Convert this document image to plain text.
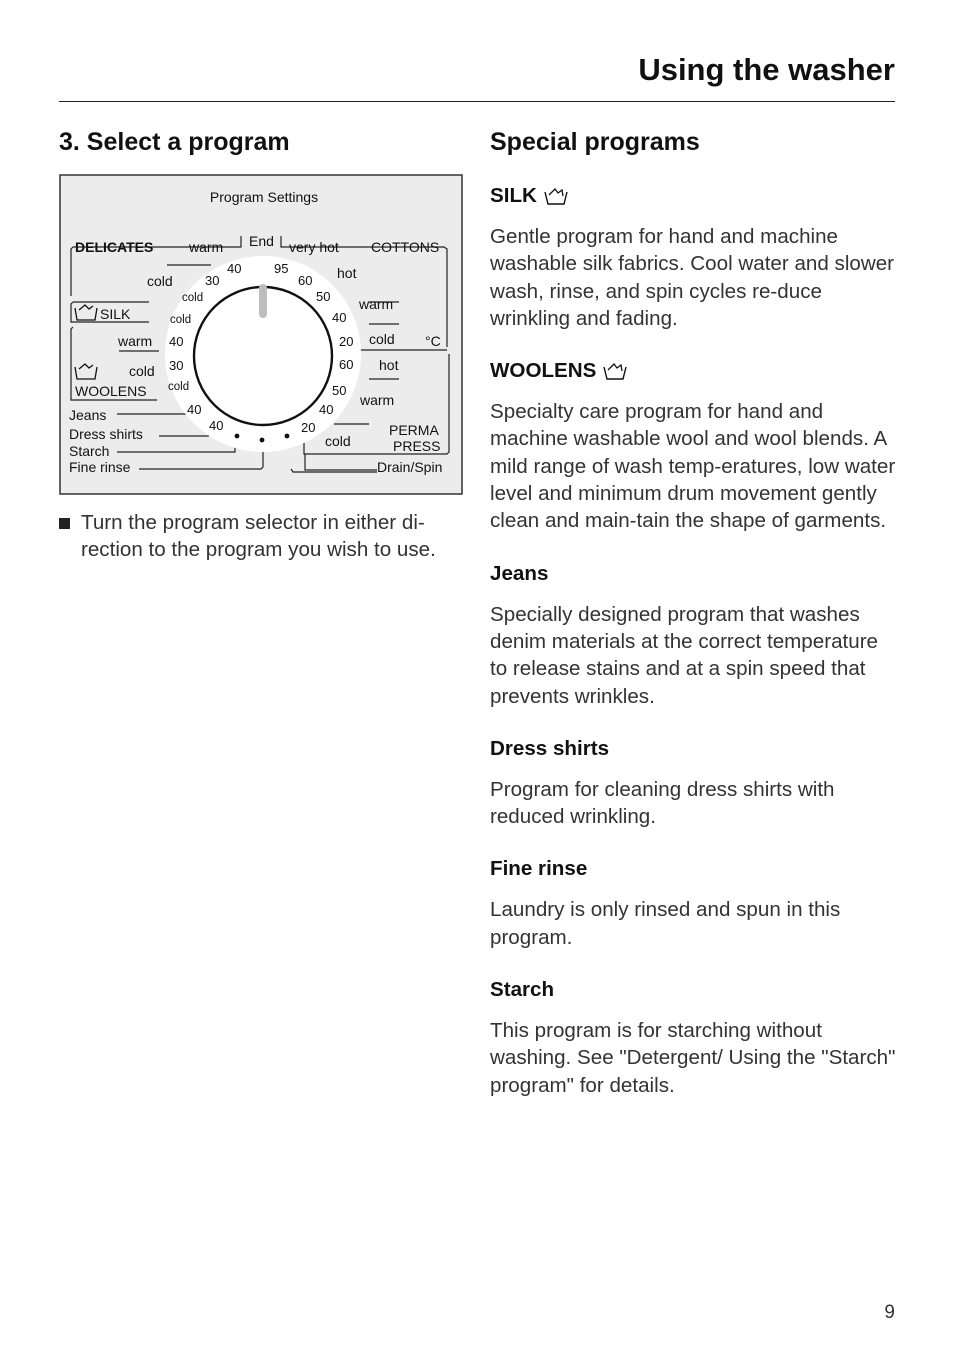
Using the washer
3. Select a program
Program Settings
DELICATES	warm End very hot COTTONS
cold	hot
warm
cold °C
SILK
warm
cold
WOOLENS
Jeans
Dress shirts
Starch
Fine rinse
hot
warm
cold
PERMA
PRESS
Drain/Spin
40	95
30	60
50
40
20
60
50
40
20
40
30
40
40
cold
cold
cold
Turn the program selector in either di-rection to the program you wish to use.
Special programs

SILK

Gentle program for hand and machine washable silk fabrics. Cool water and slower wash, rinse, and spin cycles re-duce wrinkling and fading.

WOOLENS

Specialty care program for hand and machine washable wool and wool blends. A mild range of wash temp-eratures, low water level and minimum drum movement gently clean and main-tain the shape of garments.

Jeans

Specially designed program that washes denim materials at the correct temperature to release stains and at a spin speed that prevents wrinkles.

Dress shirts

Program for cleaning dress shirts with reduced wrinkling.

Fine rinse

Laundry is only rinsed and spun in this program.

Starch

This program is for starching without washing. See "Detergent/ Using the "Starch" program" for details.

9
